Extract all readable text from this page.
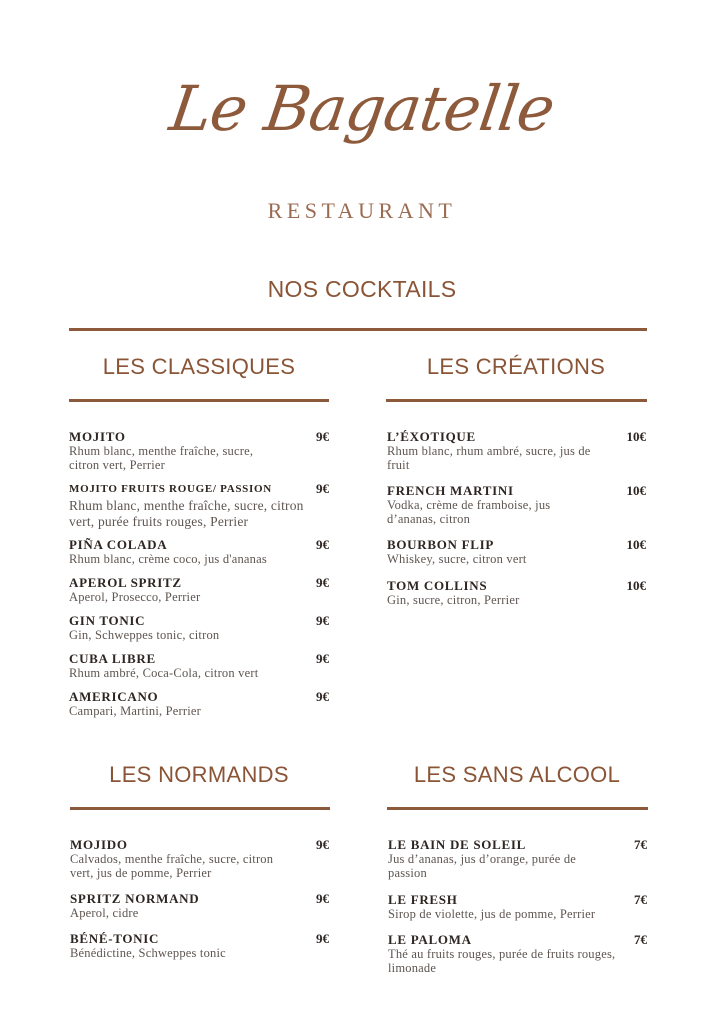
Le Bagatelle
RESTAURANT
NOS COCKTAILS
LES CLASSIQUES
MOJITO	9€
Rhum blanc, menthe fraîche, sucre, citron vert, Perrier
MOJITO FRUITS ROUGE/ PASSION	9€
Rhum blanc, menthe fraîche, sucre, citron vert, purée fruits rouges, Perrier
PIÑA COLADA	9€
Rhum blanc, crème coco, jus d'ananas
APEROL SPRITZ	9€
Aperol, Prosecco, Perrier
GIN TONIC	9€
Gin, Schweppes tonic, citron
CUBA LIBRE	9€
Rhum ambré, Coca-Cola, citron vert
AMERICANO	9€
Campari, Martini, Perrier
LES CRÉATIONS
L’ÉXOTIQUE	10€
Rhum blanc, rhum ambré, sucre, jus de fruit
FRENCH MARTINI	10€
Vodka, crème de framboise, jus d’ananas, citron
BOURBON FLIP	10€
Whiskey, sucre, citron vert
TOM COLLINS	10€
Gin, sucre, citron, Perrier
LES NORMANDS
MOJIDO	9€
Calvados, menthe fraîche, sucre, citron vert, jus de pomme, Perrier
SPRITZ NORMAND	9€
Aperol, cidre
BÉNÉ-TONIC	9€
Bénédictine, Schweppes tonic
LES SANS ALCOOL
LE BAIN DE SOLEIL	7€
Jus d’ananas, jus d’orange, purée de passion
LE FRESH	7€
Sirop de violette, jus de pomme, Perrier
LE PALOMA	7€
Thé au fruits rouges, purée de fruits rouges, limonade
